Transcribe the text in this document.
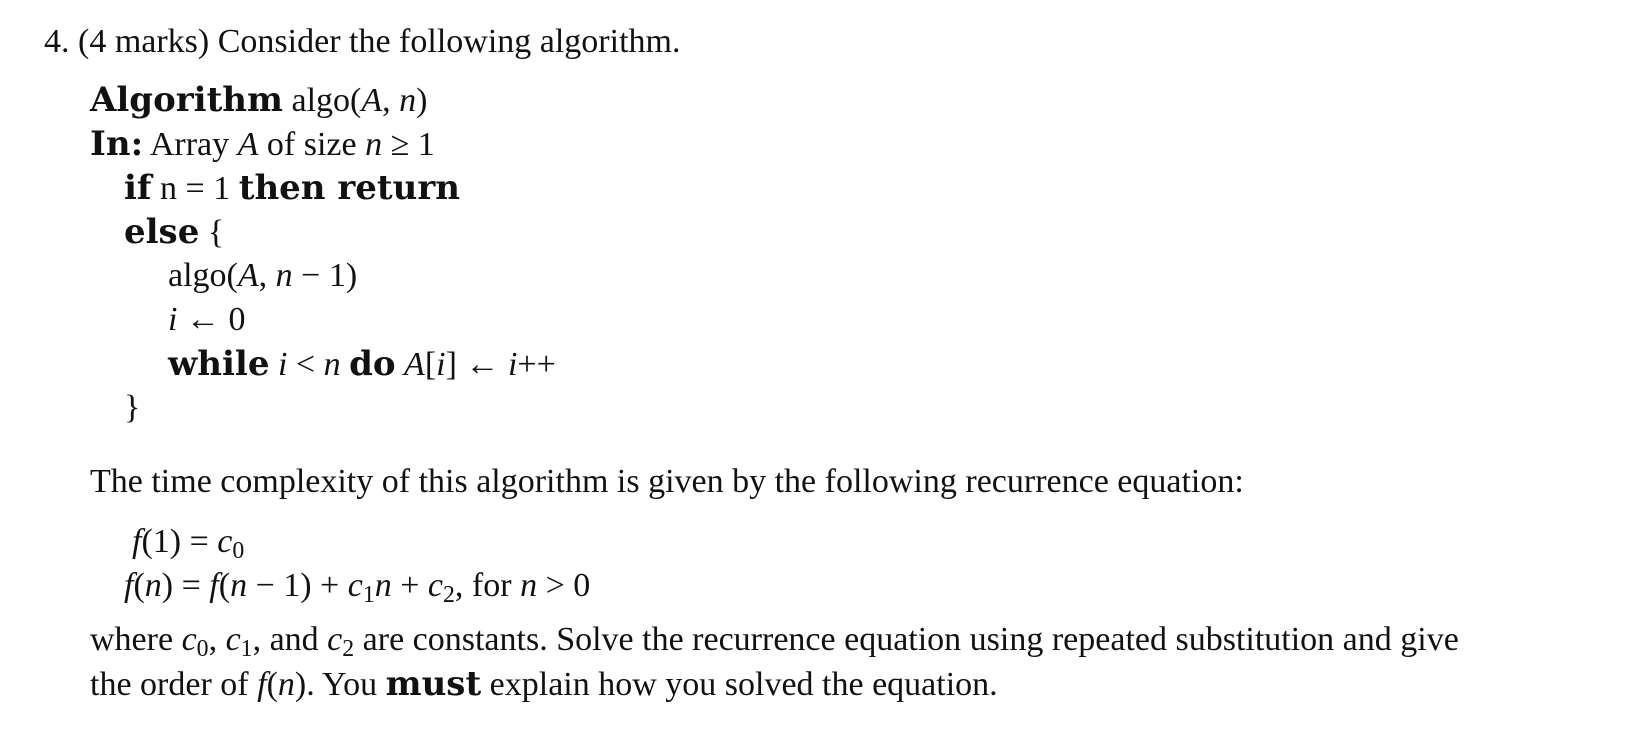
4. (4 marks) Consider the following algorithm.
Algorithm algo(A, n)
In: Array A of size n ≥ 1
if n = 1 then return
else {
algo(A, n − 1)
i ← 0
while i < n do A[i] ← i++
}
The time complexity of this algorithm is given by the following recurrence equation:
$f(1) = c_0$
$f(n) = f(n - 1) + c_1n + c_2$, for n > 0
where $c_0$, $c_1$, and $c_2$ are constants. Solve the recurrence equation using repeated substitution and give
the order of f(n). You must explain how you solved the equation.
